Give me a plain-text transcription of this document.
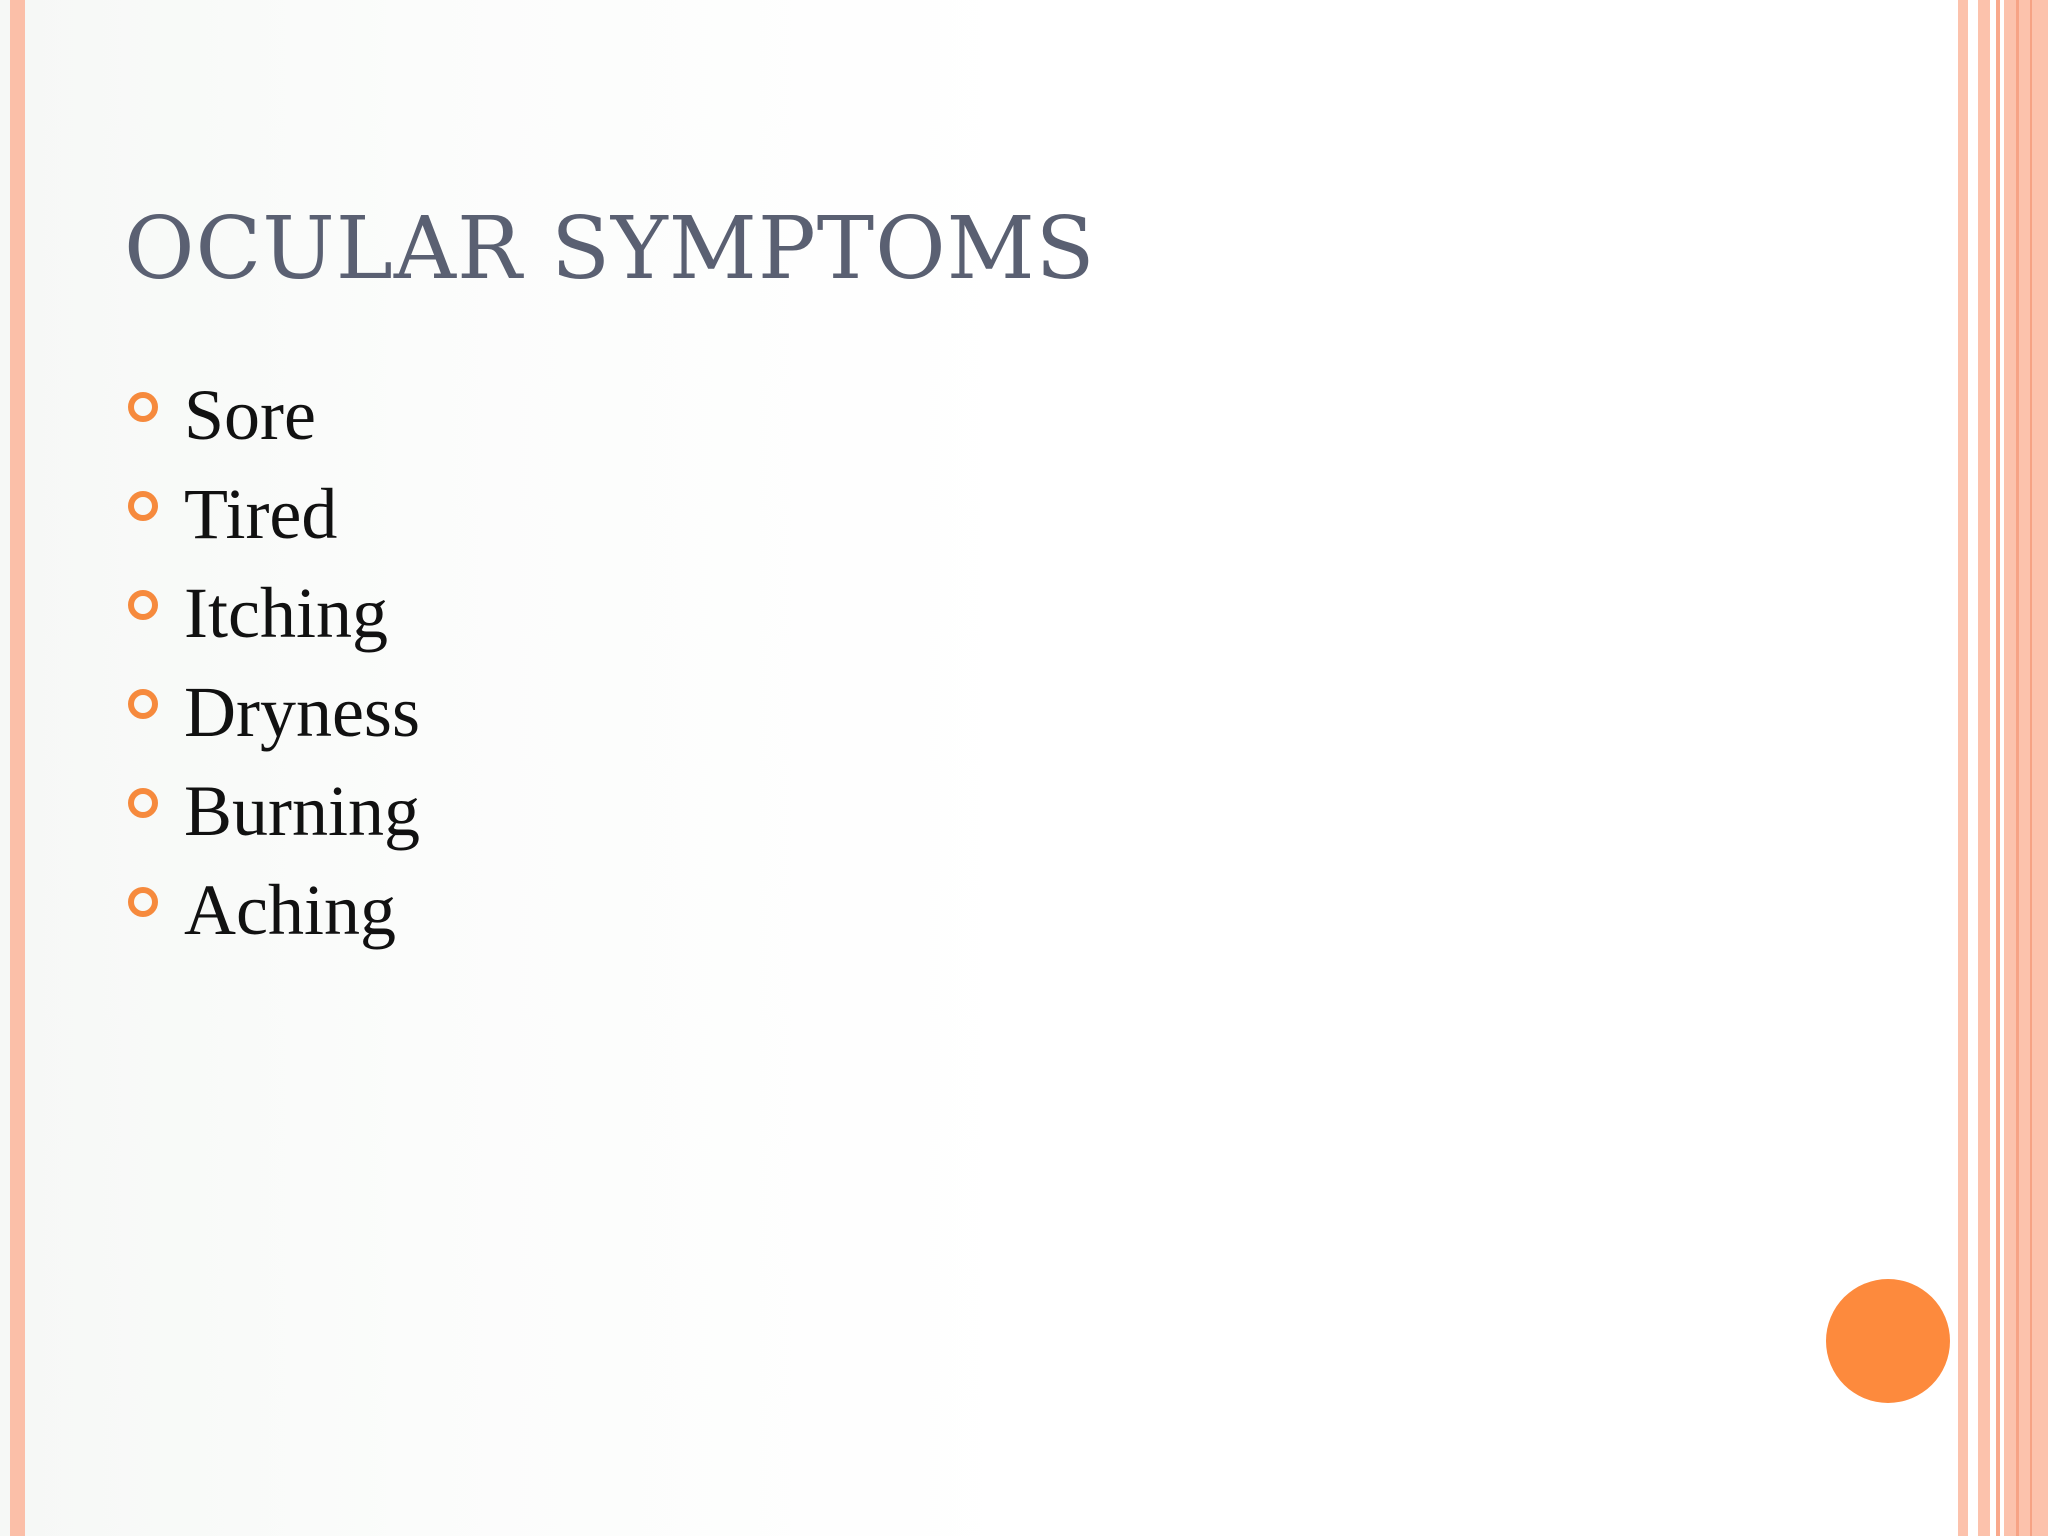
OCULAR SYMPTOMS
Sore
Tired
Itching
Dryness
Burning
Aching
